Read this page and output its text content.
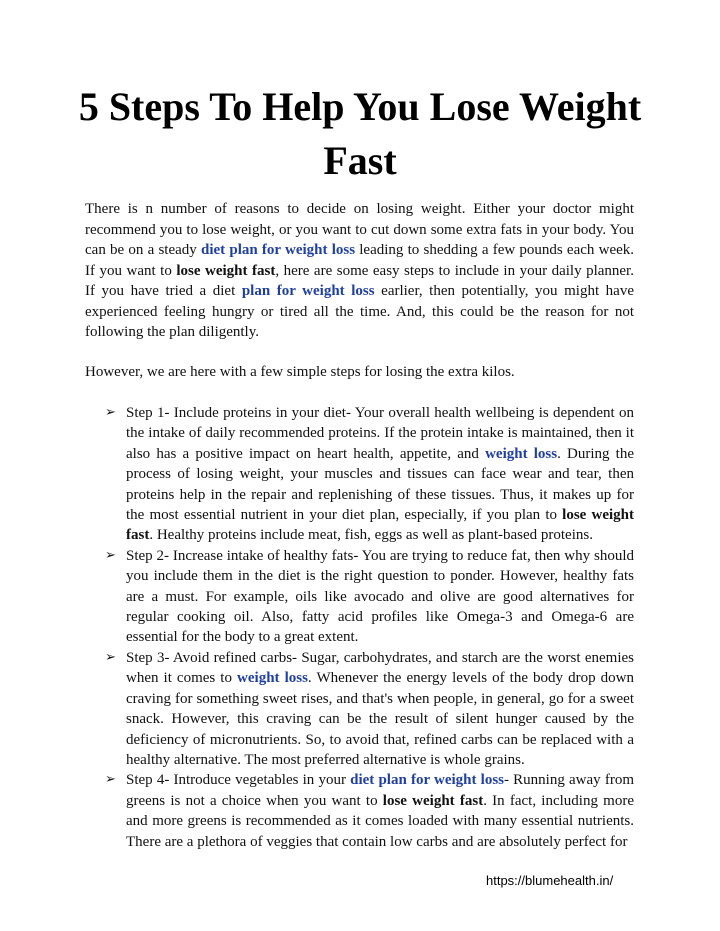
5 Steps To Help You Lose Weight Fast

There is n number of reasons to decide on losing weight. Either your doctor might recommend you to lose weight, or you want to cut down some extra fats in your body. You can be on a steady diet plan for weight loss leading to shedding a few pounds each week. If you want to lose weight fast, here are some easy steps to include in your daily planner. If you have tried a diet plan for weight loss earlier, then potentially, you might have experienced feeling hungry or tired all the time. And, this could be the reason for not following the plan diligently.

However, we are here with a few simple steps for losing the extra kilos.

➢ Step 1- Include proteins in your diet- Your overall health wellbeing is dependent on the intake of daily recommended proteins. If the protein intake is maintained, then it also has a positive impact on heart health, appetite, and weight loss. During the process of losing weight, your muscles and tissues can face wear and tear, then proteins help in the repair and replenishing of these tissues. Thus, it makes up for the most essential nutrient in your diet plan, especially, if you plan to lose weight fast. Healthy proteins include meat, fish, eggs as well as plant-based proteins.
➢ Step 2- Increase intake of healthy fats- You are trying to reduce fat, then why should you include them in the diet is the right question to ponder. However, healthy fats are a must. For example, oils like avocado and olive are good alternatives for regular cooking oil. Also, fatty acid profiles like Omega-3 and Omega-6 are essential for the body to a great extent.
➢ Step 3- Avoid refined carbs- Sugar, carbohydrates, and starch are the worst enemies when it comes to weight loss. Whenever the energy levels of the body drop down craving for something sweet rises, and that's when people, in general, go for a sweet snack. However, this craving can be the result of silent hunger caused by the deficiency of micronutrients. So, to avoid that, refined carbs can be replaced with a healthy alternative. The most preferred alternative is whole grains.
➢ Step 4- Introduce vegetables in your diet plan for weight loss- Running away from greens is not a choice when you want to lose weight fast. In fact, including more and more greens is recommended as it comes loaded with many essential nutrients. There are a plethora of veggies that contain low carbs and are absolutely perfect for
https://blumehealth.in/
